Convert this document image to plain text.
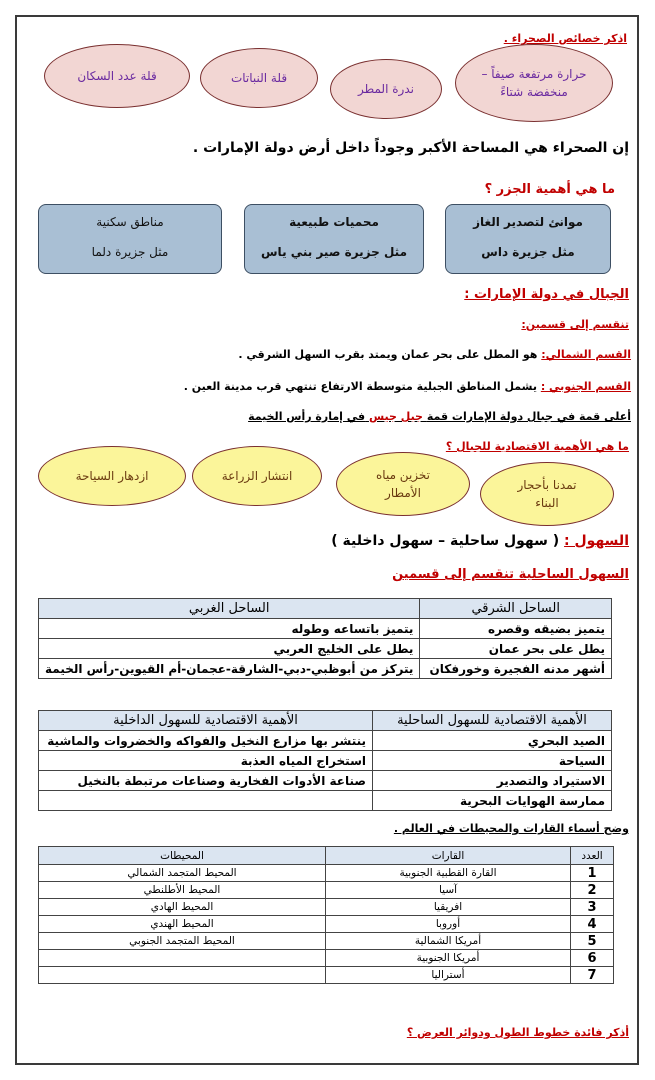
اذكر خصائص الصحراء .
حرارة مرتفعة صيفاً – منخفضة شتاءً
ندرة المطر
قلة النباتات
قلة عدد السكان
إن الصحراء هي المساحة الأكبر وجوداً داخل أرض دولة الإمارات .
ما هي أهمية الجزر ؟
موانئ لتصدير الغاز
مثل جزيرة داس
محميات طبيعية
مثل جزيرة صير بني ياس
مناطق سكنية
مثل جزيرة دلما
الجبال في دولة الإمارات :
تنقسم إلى قسمين:
القسم الشمالي: هو المطل على بحر عمان ويمتد بقرب السهل الشرقي .
القسم الجنوبي : يشمل المناطق الجبلية متوسطة الارتفاع تنتهي قرب مدينة العين .
أعلى قمة في جبال دولة الإمارات قمة جبل جيس في إمارة رأس الخيمة
ما هي الأهمية الاقتصادية للجبال ؟
تمدنا بأحجار البناء
تخزين مياه الأمطار
انتشار الزراعة
ازدهار السياحة
السهول : ( سهول ساحلية – سهول داخلية )
السهول الساحلية تنقسم إلى قسمين
الساحل الشرقي	الساحل الغربي
يتميز بضيقه وقصره	يتميز باتساعه وطوله
يطل على بحر عمان	يطل على الخليج العربي
أشهر مدنه الفجيرة وخورفكان	يتركز من أبوظبي-دبي-الشارقة-عجمان-أم القيوين-رأس الخيمة
الأهمية الاقتصادية للسهول الساحلية	الأهمية الاقتصادية للسهول الداخلية
الصيد البحري	ينتشر بها مزارع النخيل والفواكه والخضروات والماشية
السياحة	استخراج المياه العذبة
الاستيراد والتصدير	صناعة الأدوات الفخارية وصناعات مرتبطة بالنخيل
ممارسة الهوايات البحرية	
وضح أسماء القارات والمحيطات في العالم .
العدد	القارات	المحيطات
1	القارة القطبية الجنوبية	المحيط المتجمد الشمالي
2	آسيا	المحيط الأطلنطي
3	افريقيا	المحيط الهادي
4	أوروبا	المحيط الهندي
5	أمريكا الشمالية	المحيط المتجمد الجنوبي
6	أمريكا الجنوبية	
7	أستراليا	
أذكر فائدة خطوط الطول ودوائر العرض ؟
